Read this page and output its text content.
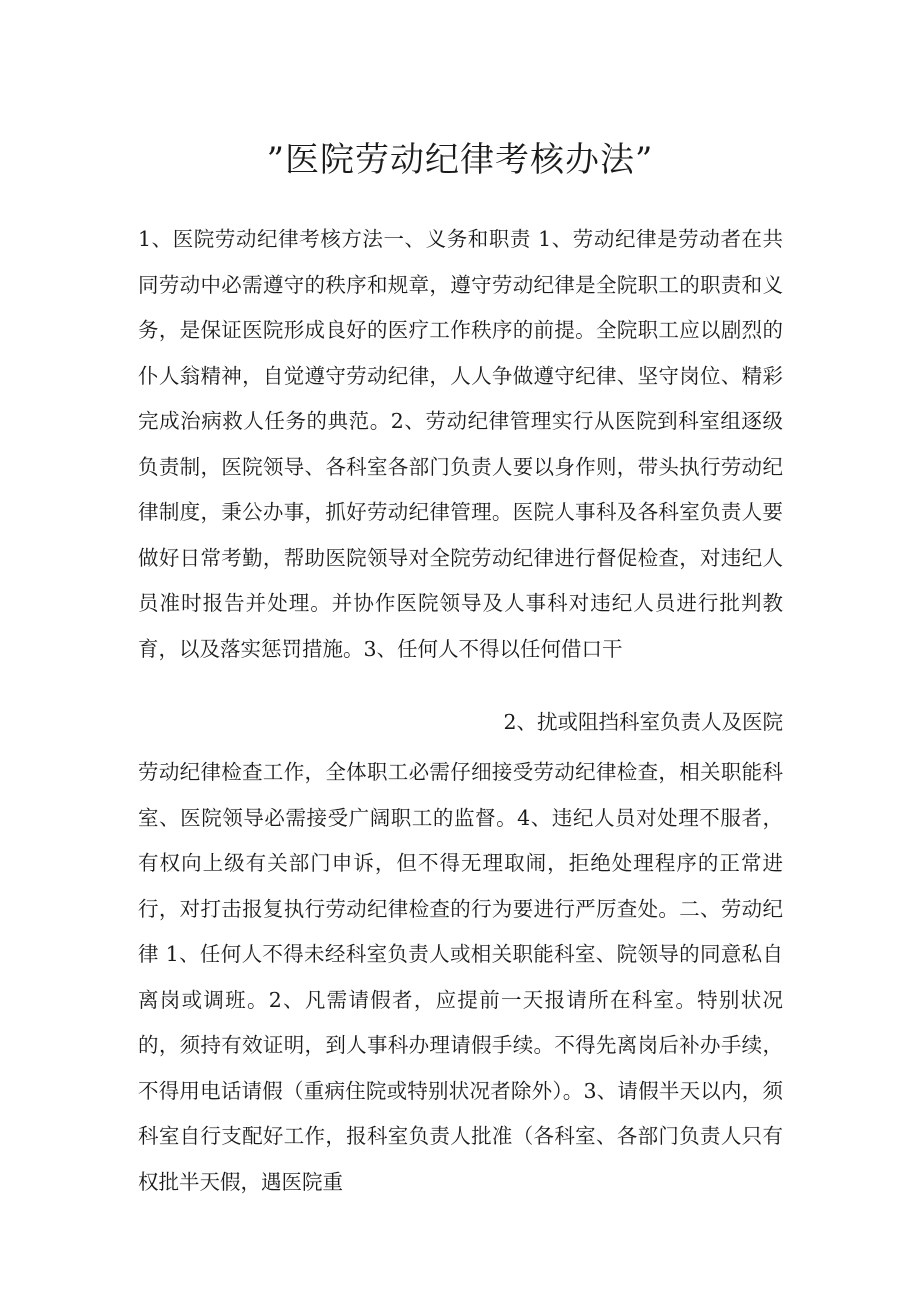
”医院劳动纪律考核办法”
1、医院劳动纪律考核方法一、义务和职责 1、劳动纪律是劳动者在共同劳动中必需遵守的秩序和规章，遵守劳动纪律是全院职工的职责和义务，是保证医院形成良好的医疗工作秩序的前提。全院职工应以剧烈的仆人翁精神，自觉遵守劳动纪律，人人争做遵守纪律、坚守岗位、精彩完成治病救人任务的典范。2、劳动纪律管理实行从医院到科室组逐级负责制，医院领导、各科室各部门负责人要以身作则，带头执行劳动纪律制度，秉公办事，抓好劳动纪律管理。医院人事科及各科室负责人要做好日常考勤，帮助医院领导对全院劳动纪律进行督促检查，对违纪人员准时报告并处理。并协作医院领导及人事科对违纪人员进行批判教育，以及落实惩罚措施。3、任何人不得以任何借口干
2、扰或阻挡科室负责人及医院
劳动纪律检查工作，全体职工必需仔细接受劳动纪律检查，相关职能科室、医院领导必需接受广阔职工的监督。4、违纪人员对处理不服者，有权向上级有关部门申诉，但不得无理取闹，拒绝处理程序的正常进行，对打击报复执行劳动纪律检查的行为要进行严厉查处。二、劳动纪律 1、任何人不得未经科室负责人或相关职能科室、院领导的同意私自离岗或调班。2、凡需请假者，应提前一天报请所在科室。特别状况的，须持有效证明，到人事科办理请假手续。不得先离岗后补办手续，不得用电话请假（重病住院或特别状况者除外）。3、请假半天以内，须科室自行支配好工作，报科室负责人批准（各科室、各部门负责人只有权批半天假，遇医院重
